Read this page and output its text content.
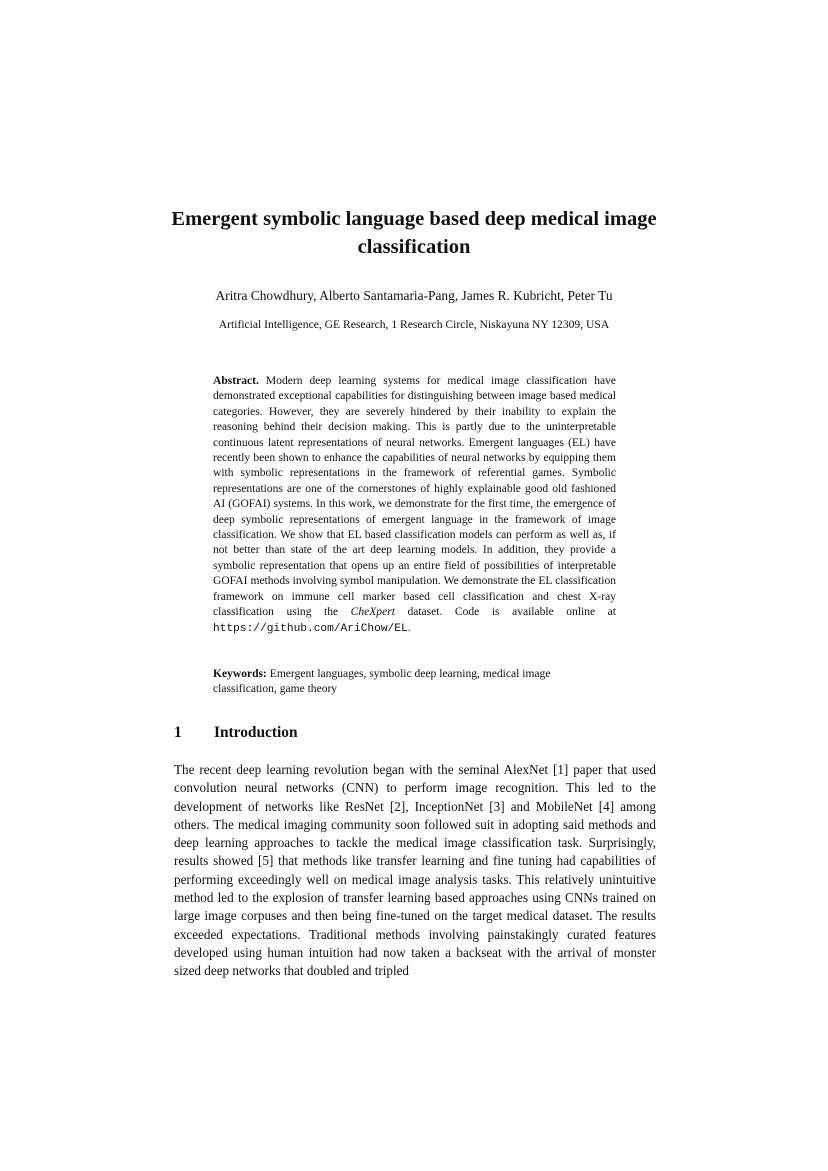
Emergent symbolic language based deep medical image classification

Aritra Chowdhury, Alberto Santamaria-Pang, James R. Kubricht, Peter Tu

Artificial Intelligence, GE Research, 1 Research Circle, Niskayuna NY 12309, USA

Abstract. Modern deep learning systems for medical image classification have demonstrated exceptional capabilities for distinguishing between image based medical categories. However, they are severely hindered by their inability to explain the reasoning behind their decision making. This is partly due to the uninterpretable continuous latent representations of neural networks. Emergent languages (EL) have recently been shown to enhance the capabilities of neural networks by equipping them with symbolic representations in the framework of referential games. Symbolic representations are one of the cornerstones of highly explainable good old fashioned AI (GOFAI) systems. In this work, we demonstrate for the first time, the emergence of deep symbolic representations of emergent language in the framework of image classification. We show that EL based classification models can perform as well as, if not better than state of the art deep learning models. In addition, they provide a symbolic representation that opens up an entire field of possibilities of interpretable GOFAI methods involving symbol manipulation. We demonstrate the EL classification framework on immune cell marker based cell classification and chest X-ray classification using the CheXpert dataset. Code is available online at https://github.com/AriChow/EL.

Keywords: Emergent languages, symbolic deep learning, medical image classification, game theory

1 Introduction

The recent deep learning revolution began with the seminal AlexNet [1] paper that used convolution neural networks (CNN) to perform image recognition. This led to the development of networks like ResNet [2], InceptionNet [3] and MobileNet [4] among others. The medical imaging community soon followed suit in adopting said methods and deep learning approaches to tackle the medical image classification task. Surprisingly, results showed [5] that methods like transfer learning and fine tuning had capabilities of performing exceedingly well on medical image analysis tasks. This relatively unintuitive method led to the explosion of transfer learning based approaches using CNNs trained on large image corpuses and then being fine-tuned on the target medical dataset. The results exceeded expectations. Traditional methods involving painstakingly curated features developed using human intuition had now taken a backseat with the arrival of monster sized deep networks that doubled and tripled
